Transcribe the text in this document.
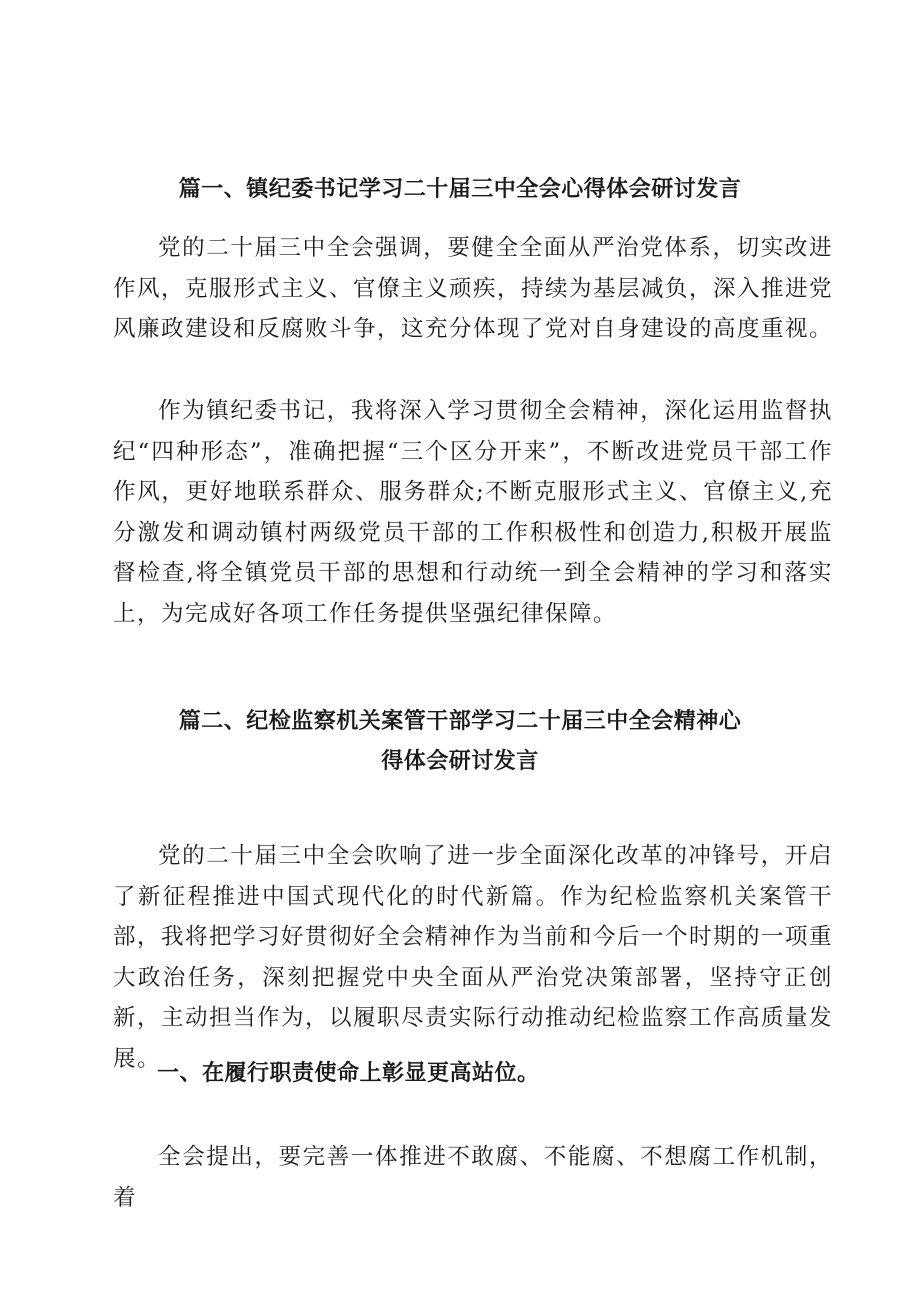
篇一、镇纪委书记学习二十届三中全会心得体会研讨发言
党的二十届三中全会强调，要健全全面从严治党体系，切实改进作风，克服形式主义、官僚主义顽疾，持续为基层减负，深入推进党风廉政建设和反腐败斗争，这充分体现了党对自身建设的高度重视。
作为镇纪委书记，我将深入学习贯彻全会精神，深化运用监督执纪“四种形态”，准确把握“三个区分开来”，不断改进党员干部工作作风，更好地联系群众、服务群众;不断克服形式主义、官僚主义,充分激发和调动镇村两级党员干部的工作积极性和创造力,积极开展监督检查,将全镇党员干部的思想和行动统一到全会精神的学习和落实上，为完成好各项工作任务提供坚强纪律保障。
篇二、纪检监察机关案管干部学习二十届三中全会精神心
得体会研讨发言
党的二十届三中全会吹响了进一步全面深化改革的冲锋号，开启了新征程推进中国式现代化的时代新篇。作为纪检监察机关案管干部，我将把学习好贯彻好全会精神作为当前和今后一个时期的一项重大政治任务，深刻把握党中央全面从严治党决策部署，坚持守正创新，主动担当作为，以履职尽责实际行动推动纪检监察工作高质量发展。
一、在履行职责使命上彰显更高站位。
全会提出，要完善一体推进不敢腐、不能腐、不想腐工作机制，着
